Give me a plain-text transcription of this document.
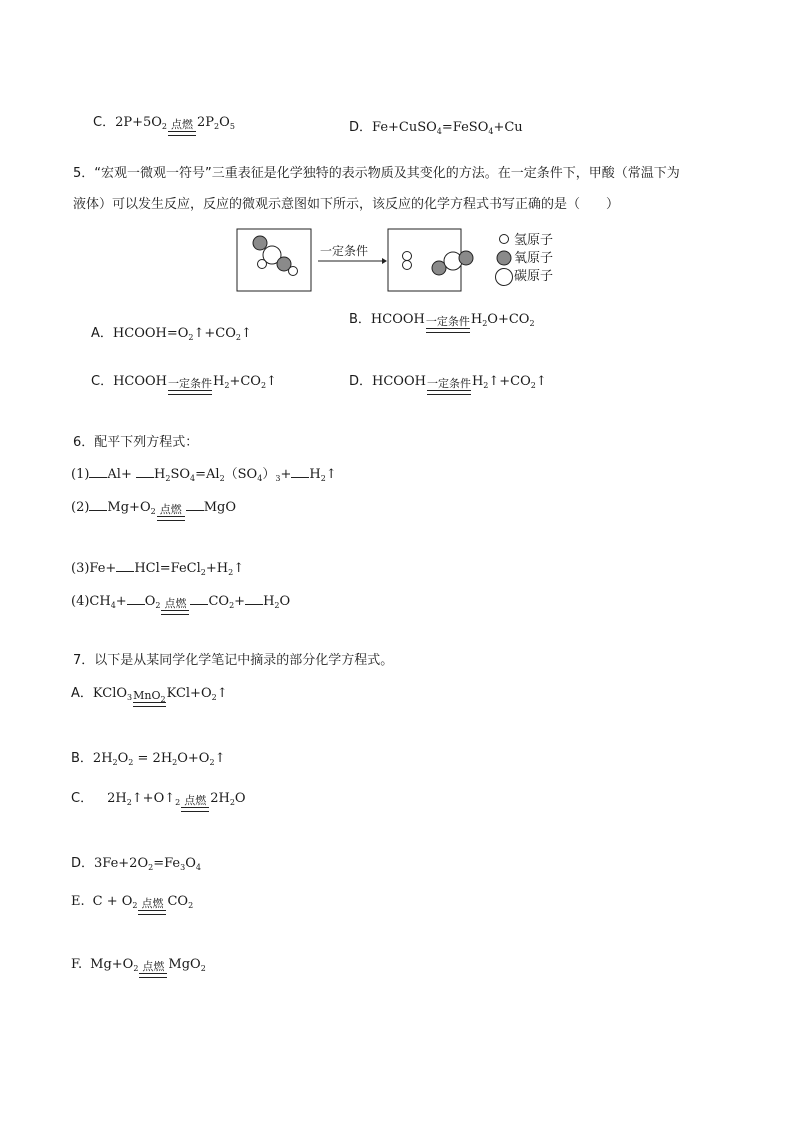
C．$2P+5O_2$ 点燃 $2P_2O_5$	D．Fe+CuSO$_4$=FeSO$_4$+Cu
5．“宏观一微观一符号”三重表征是化学独特的表示物质及其变化的方法。在一定条件下，甲酸（常温下为
液体）可以发生反应，反应的微观示意图如下所示，该反应的化学方程式书写正确的是（　　）
一定条件
氢原子
氧原子
碳原子
A．$HCOOH=O_2↑+CO_2↑$
B．HCOOH 一定条件 $H_2O+CO_2$
C．HCOOH 一定条件 $H_2+CO_2↑$	D．HCOOH 一定条件 $H_2↑+CO_2↑$
6．配平下列方程式：
(1) $Al+ H_2SO_4=Al_2(SO_4)_3+$ $H_2↑$
(2) $Mg+O_2$ 点燃 MgO
$(3)Fe+ HCl=FeCl_2+H_2↑$
$(4)CH_4+ O_2$ 点燃 $CO_2+ H_2O$
7．以下是从某同学化学笔记中摘录的部分化学方程式。
A．KClO$_3$ MnO$_2$ $KCl+O_2↑$
B．$2H_2O_2$ = $2H_2O+O_2↑$
C． $2H_2↑+O↑_2$ 点燃 $2H_2O$
D．$3Fe+2O_2=Fe_3O_4$
E. $C + O_2$ 点燃 $CO_2$
F. $Mg+O_2$ 点燃 MgO$_2$
